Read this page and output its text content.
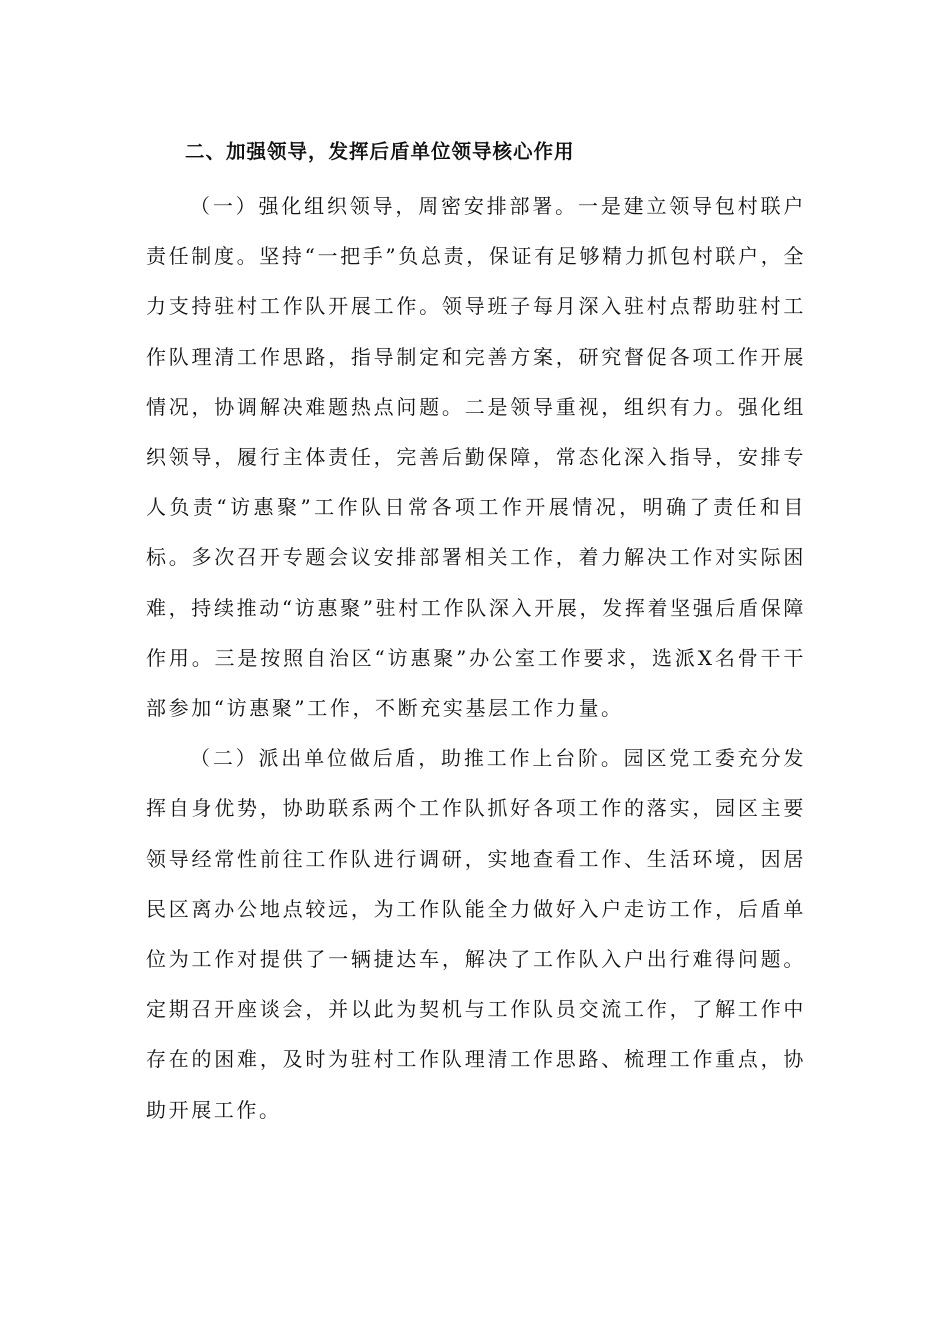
二、加强领导，发挥后盾单位领导核心作用

（一）强化组织领导，周密安排部署。一是建立领导包村联户责任制度。坚持“一把手”负总责，保证有足够精力抓包村联户，全力支持驻村工作队开展工作。领导班子每月深入驻村点帮助驻村工作队理清工作思路，指导制定和完善方案，研究督促各项工作开展情况，协调解决难题热点问题。二是领导重视，组织有力。强化组织领导，履行主体责任，完善后勤保障，常态化深入指导，安排专人负责“访惠聚”工作队日常各项工作开展情况，明确了责任和目标。多次召开专题会议安排部署相关工作，着力解决工作对实际困难，持续推动“访惠聚”驻村工作队深入开展，发挥着坚强后盾保障作用。三是按照自治区“访惠聚”办公室工作要求，选派X名骨干干部参加“访惠聚”工作，不断充实基层工作力量。

（二）派出单位做后盾，助推工作上台阶。园区党工委充分发挥自身优势，协助联系两个工作队抓好各项工作的落实，园区主要领导经常性前往工作队进行调研，实地查看工作、生活环境，因居民区离办公地点较远，为工作队能全力做好入户走访工作，后盾单位为工作对提供了一辆捷达车，解决了工作队入户出行难得问题。定期召开座谈会，并以此为契机与工作队员交流工作，了解工作中存在的困难，及时为驻村工作队理清工作思路、梳理工作重点，协助开展工作。
